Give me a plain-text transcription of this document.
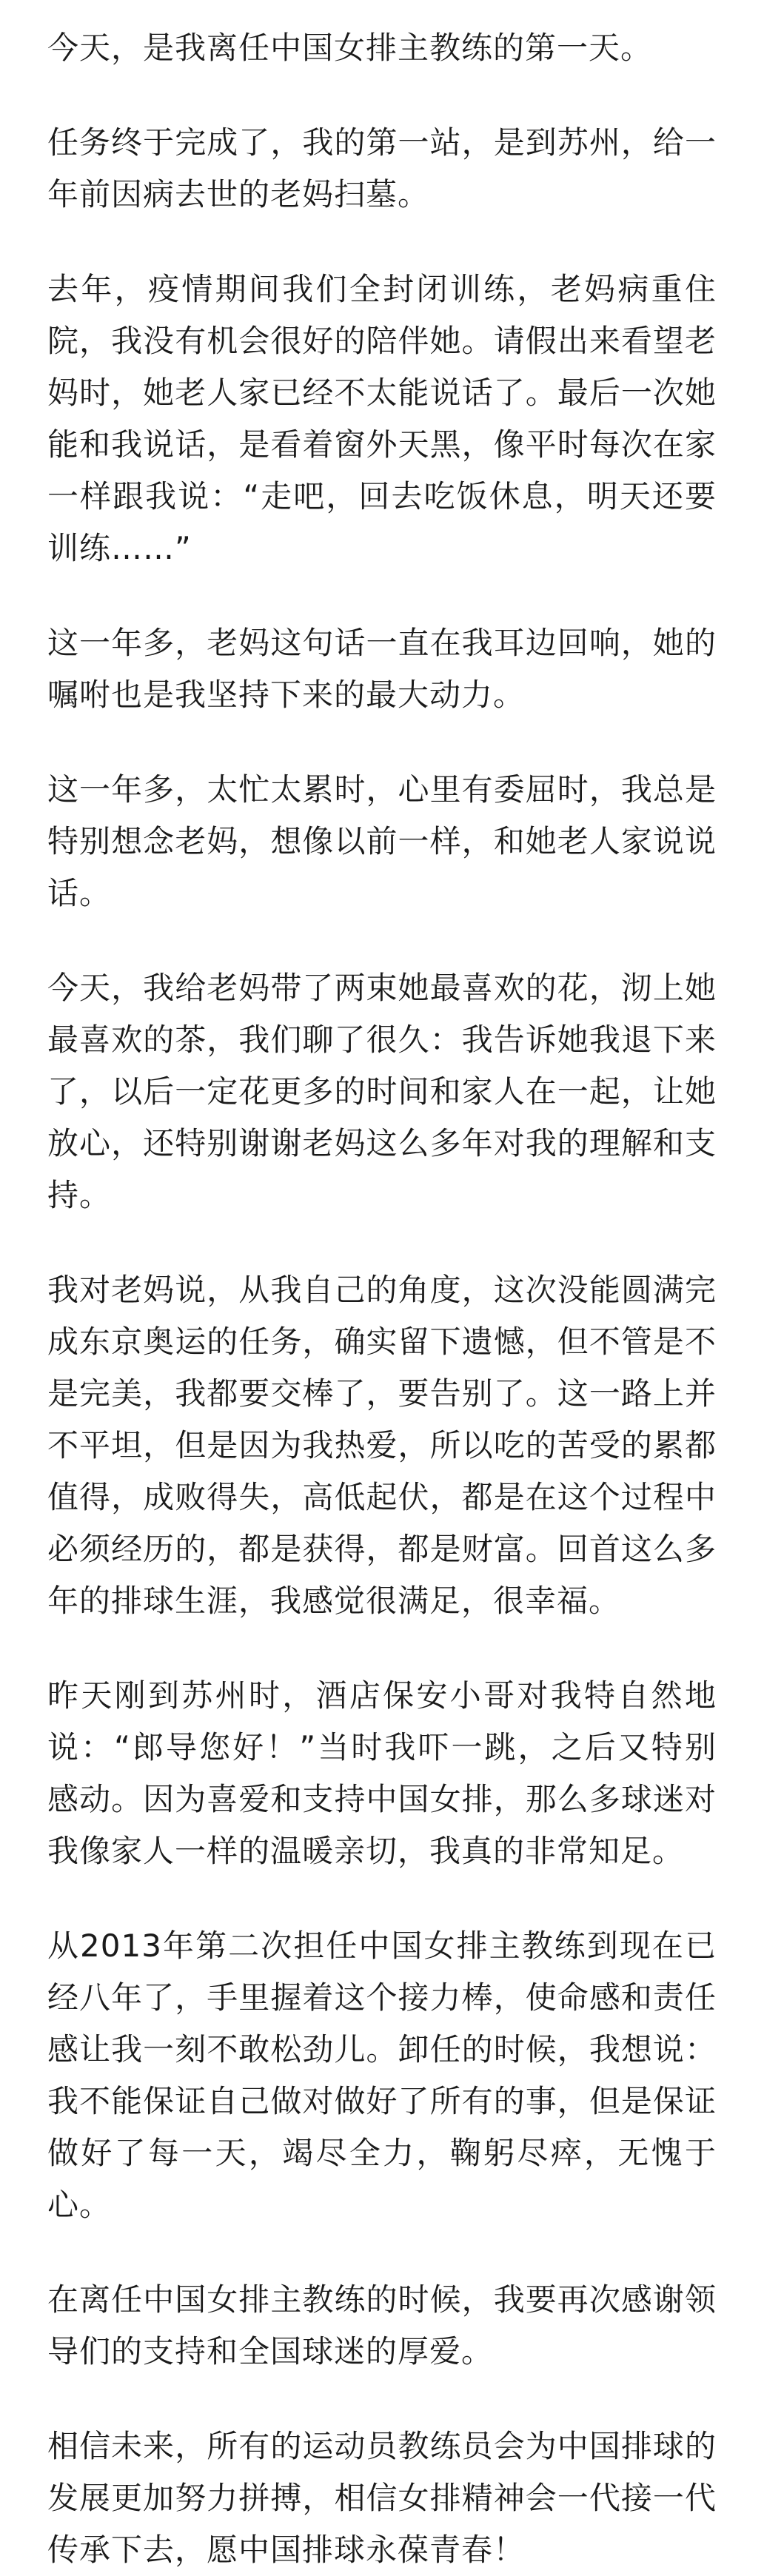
今天，是我离任中国女排主教练的第一天。

任务终于完成了，我的第一站，是到苏州，给一年前因病去世的老妈扫墓。

去年，疫情期间我们全封闭训练，老妈病重住院，我没有机会很好的陪伴她。请假出来看望老妈时，她老人家已经不太能说话了。最后一次她能和我说话，是看着窗外天黑，像平时每次在家一样跟我说：“走吧，回去吃饭休息，明天还要训练……”

这一年多，老妈这句话一直在我耳边回响，她的嘱咐也是我坚持下来的最大动力。

这一年多，太忙太累时，心里有委屈时，我总是特别想念老妈，想像以前一样，和她老人家说说话。

今天，我给老妈带了两束她最喜欢的花，沏上她最喜欢的茶，我们聊了很久：我告诉她我退下来了，以后一定花更多的时间和家人在一起，让她放心，还特别谢谢老妈这么多年对我的理解和支持。

我对老妈说，从我自己的角度，这次没能圆满完成东京奥运的任务，确实留下遗憾，但不管是不是完美，我都要交棒了，要告别了。这一路上并不平坦，但是因为我热爱，所以吃的苦受的累都值得，成败得失，高低起伏，都是在这个过程中必须经历的，都是获得，都是财富。回首这么多年的排球生涯，我感觉很满足，很幸福。

昨天刚到苏州时，酒店保安小哥对我特自然地说：“郎导您好！”当时我吓一跳，之后又特别感动。因为喜爱和支持中国女排，那么多球迷对我像家人一样的温暖亲切，我真的非常知足。

从2013年第二次担任中国女排主教练到现在已经八年了，手里握着这个接力棒，使命感和责任感让我一刻不敢松劲儿。卸任的时候，我想说：我不能保证自己做对做好了所有的事，但是保证做好了每一天，竭尽全力，鞠躬尽瘁，无愧于心。

在离任中国女排主教练的时候，我要再次感谢领导们的支持和全国球迷的厚爱。

相信未来，所有的运动员教练员会为中国排球的发展更加努力拼搏，相信女排精神会一代接一代传承下去，愿中国排球永葆青春！
